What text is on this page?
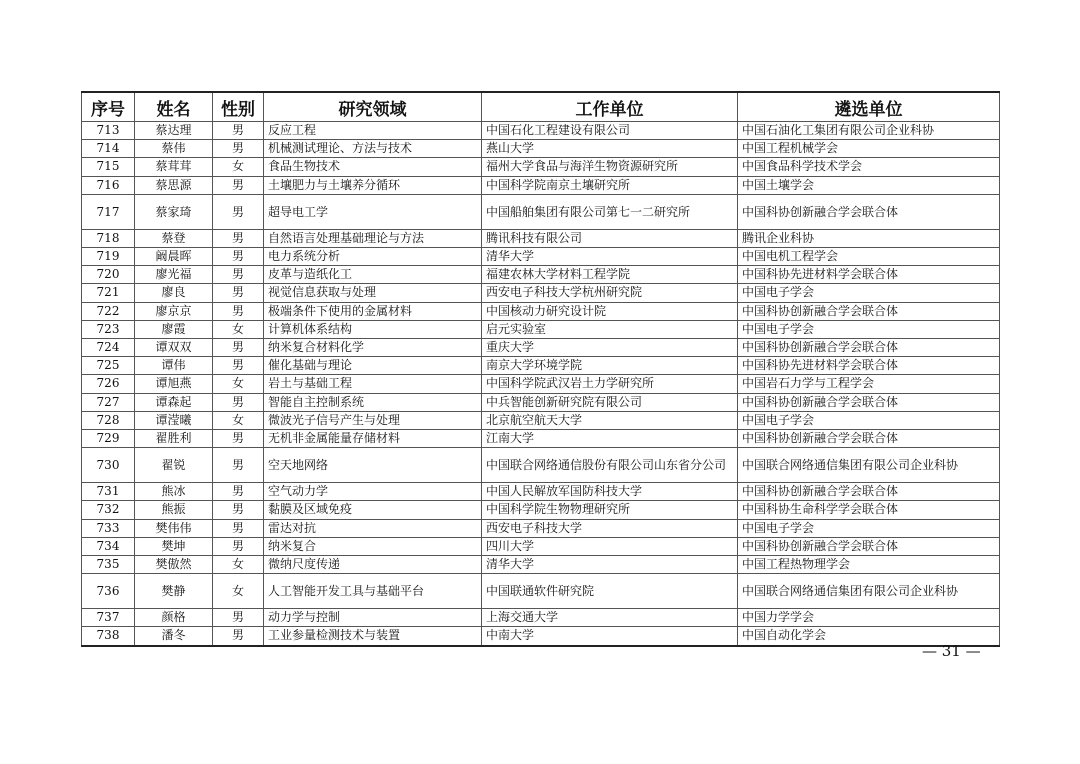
序号	姓名	性别	研究领域	工作单位	遴选单位
713	蔡达理	男	反应工程	中国石化工程建设有限公司	中国石油化工集团有限公司企业科协
714	蔡伟	男	机械测试理论、方法与技术	燕山大学	中国工程机械学会
715	蔡茸茸	女	食品生物技术	福州大学食品与海洋生物资源研究所	中国食品科学技术学会
716	蔡思源	男	土壤肥力与土壤养分循环	中国科学院南京土壤研究所	中国土壤学会
717	蔡家琦	男	超导电工学	中国船舶集团有限公司第七一二研究所	中国科协创新融合学会联合体
718	蔡登	男	自然语言处理基础理论与方法	腾讯科技有限公司	腾讯企业科协
719	阚晨晖	男	电力系统分析	清华大学	中国电机工程学会
720	廖光福	男	皮革与造纸化工	福建农林大学材料工程学院	中国科协先进材料学会联合体
721	廖良	男	视觉信息获取与处理	西安电子科技大学杭州研究院	中国电子学会
722	廖京京	男	极端条件下使用的金属材料	中国核动力研究设计院	中国科协创新融合学会联合体
723	廖霞	女	计算机体系结构	启元实验室	中国电子学会
724	谭双双	男	纳米复合材料化学	重庆大学	中国科协创新融合学会联合体
725	谭伟	男	催化基础与理论	南京大学环境学院	中国科协先进材料学会联合体
726	谭旭燕	女	岩土与基础工程	中国科学院武汉岩土力学研究所	中国岩石力学与工程学会
727	谭森起	男	智能自主控制系统	中兵智能创新研究院有限公司	中国科协创新融合学会联合体
728	谭滢曦	女	微波光子信号产生与处理	北京航空航天大学	中国电子学会
729	翟胜利	男	无机非金属能量存储材料	江南大学	中国科协创新融合学会联合体
730	翟锐	男	空天地网络	中国联合网络通信股份有限公司山东省分公司	中国联合网络通信集团有限公司企业科协
731	熊冰	男	空气动力学	中国人民解放军国防科技大学	中国科协创新融合学会联合体
732	熊振	男	黏膜及区域免疫	中国科学院生物物理研究所	中国科协生命科学学会联合体
733	樊伟伟	男	雷达对抗	西安电子科技大学	中国电子学会
734	樊坤	男	纳米复合	四川大学	中国科协创新融合学会联合体
735	樊傲然	女	微纳尺度传递	清华大学	中国工程热物理学会
736	樊静	女	人工智能开发工具与基础平台	中国联通软件研究院	中国联合网络通信集团有限公司企业科协
737	颜格	男	动力学与控制	上海交通大学	中国力学学会
738	潘冬	男	工业参量检测技术与装置	中南大学	中国自动化学会
— 31 —
